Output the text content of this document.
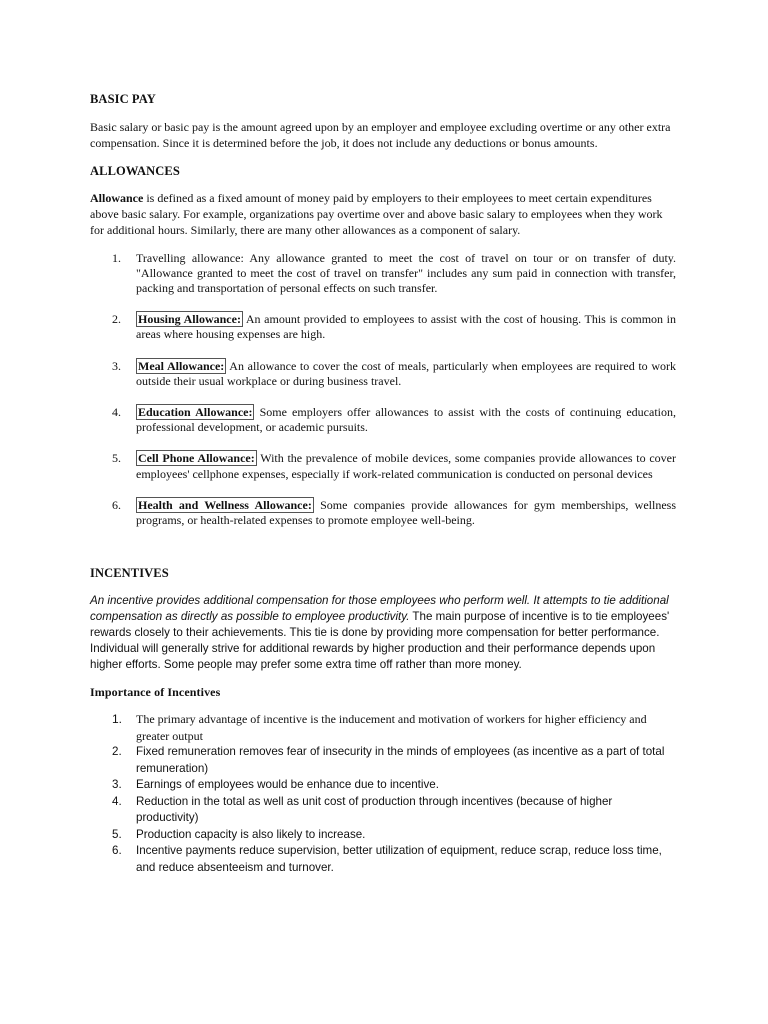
BASIC PAY

Basic salary or basic pay is the amount agreed upon by an employer and employee excluding overtime or any other extra compensation. Since it is determined before the job, it does not include any deductions or bonus amounts.

ALLOWANCES

Allowance is defined as a fixed amount of money paid by employers to their employees to meet certain expenditures above basic salary. For example, organizations pay overtime over and above basic salary to employees when they work for additional hours. Similarly, there are many other allowances as a component of salary.

1. Travelling allowance: Any allowance granted to meet the cost of travel on tour or on transfer of duty. "Allowance granted to meet the cost of travel on transfer" includes any sum paid in connection with transfer, packing and transportation of personal effects on such transfer.
2. Housing Allowance: An amount provided to employees to assist with the cost of housing. This is common in areas where housing expenses are high.
3. Meal Allowance: An allowance to cover the cost of meals, particularly when employees are required to work outside their usual workplace or during business travel.
4. Education Allowance: Some employers offer allowances to assist with the costs of continuing education, professional development, or academic pursuits.
5. Cell Phone Allowance: With the prevalence of mobile devices, some companies provide allowances to cover employees' cellphone expenses, especially if work-related communication is conducted on personal devices
6. Health and Wellness Allowance: Some companies provide allowances for gym memberships, wellness programs, or health-related expenses to promote employee well-being.
INCENTIVES

An incentive provides additional compensation for those employees who perform well. It attempts to tie additional compensation as directly as possible to employee productivity. The main purpose of incentive is to tie employees' rewards closely to their achievements. This tie is done by providing more compensation for better performance. Individual will generally strive for additional rewards by higher production and their performance depends upon higher efforts. Some people may prefer some extra time off rather than more money.

Importance of Incentives
1. The primary advantage of incentive is the inducement and motivation of workers for higher efficiency and greater output
2. Fixed remuneration removes fear of insecurity in the minds of employees (as incentive as a part of total remuneration)
3. Earnings of employees would be enhance due to incentive.
4. Reduction in the total as well as unit cost of production through incentives (because of higher productivity)
5. Production capacity is also likely to increase.
6. Incentive payments reduce supervision, better utilization of equipment, reduce scrap, reduce loss time, and reduce absenteeism and turnover.
